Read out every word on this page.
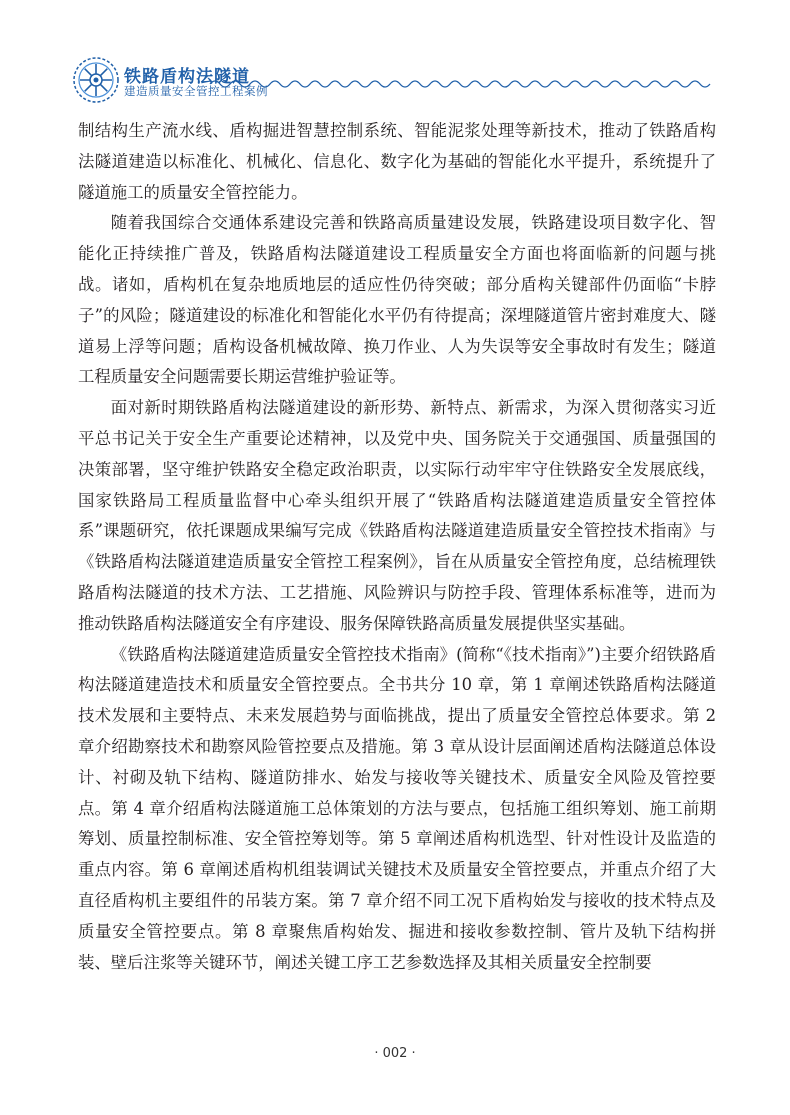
铁路盾构法隧道
建造质量安全管控工程案例

制结构生产流水线、盾构掘进智慧控制系统、智能泥浆处理等新技术，推动了铁路盾构法隧道建造以标准化、机械化、信息化、数字化为基础的智能化水平提升，系统提升了隧道施工的质量安全管控能力。

随着我国综合交通体系建设完善和铁路高质量建设发展，铁路建设项目数字化、智能化正持续推广普及，铁路盾构法隧道建设工程质量安全方面也将面临新的问题与挑战。诸如，盾构机在复杂地质地层的适应性仍待突破；部分盾构关键部件仍面临“卡脖子”的风险；隧道建设的标准化和智能化水平仍有待提高；深埋隧道管片密封难度大、隧道易上浮等问题；盾构设备机械故障、换刀作业、人为失误等安全事故时有发生；隧道工程质量安全问题需要长期运营维护验证等。

面对新时期铁路盾构法隧道建设的新形势、新特点、新需求，为深入贯彻落实习近平总书记关于安全生产重要论述精神，以及党中央、国务院关于交通强国、质量强国的决策部署，坚守维护铁路安全稳定政治职责，以实际行动牢牢守住铁路安全发展底线，国家铁路局工程质量监督中心牵头组织开展了“铁路盾构法隧道建造质量安全管控体系”课题研究，依托课题成果编写完成《铁路盾构法隧道建造质量安全管控技术指南》与《铁路盾构法隧道建造质量安全管控工程案例》，旨在从质量安全管控角度，总结梳理铁路盾构法隧道的技术方法、工艺措施、风险辨识与防控手段、管理体系标准等，进而为推动铁路盾构法隧道安全有序建设、服务保障铁路高质量发展提供坚实基础。

《铁路盾构法隧道建造质量安全管控技术指南》(简称“《技术指南》”)主要介绍铁路盾构法隧道建造技术和质量安全管控要点。全书共分 10 章，第 1 章阐述铁路盾构法隧道技术发展和主要特点、未来发展趋势与面临挑战，提出了质量安全管控总体要求。第 2 章介绍勘察技术和勘察风险管控要点及措施。第 3 章从设计层面阐述盾构法隧道总体设计、衬砌及轨下结构、隧道防排水、始发与接收等关键技术、质量安全风险及管控要点。第 4 章介绍盾构法隧道施工总体策划的方法与要点，包括施工组织筹划、施工前期筹划、质量控制标准、安全管控筹划等。第 5 章阐述盾构机选型、针对性设计及监造的重点内容。第 6 章阐述盾构机组装调试关键技术及质量安全管控要点，并重点介绍了大直径盾构机主要组件的吊装方案。第 7 章介绍不同工况下盾构始发与接收的技术特点及质量安全管控要点。第 8 章聚焦盾构始发、掘进和接收参数控制、管片及轨下结构拼装、壁后注浆等关键环节，阐述关键工序工艺参数选择及其相关质量安全控制要

· 002 ·
